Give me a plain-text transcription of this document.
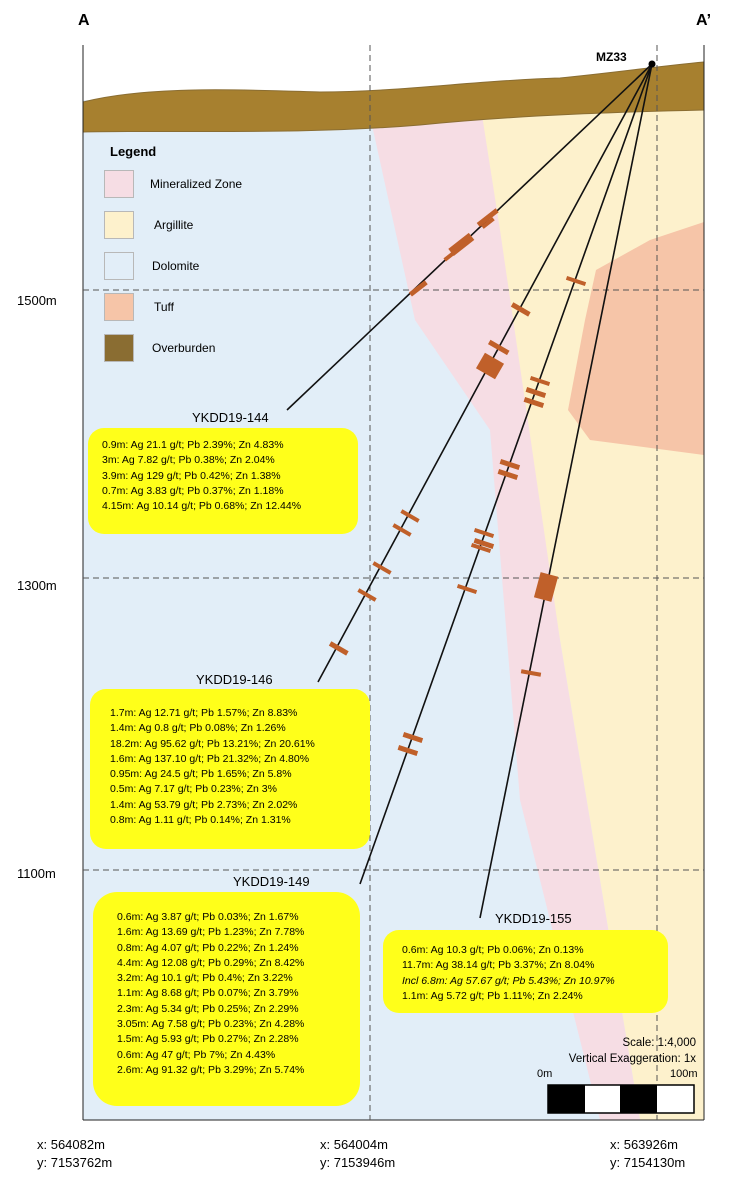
A	A’
MZ33
1500m
1300m
1100m
Legend
Mineralized Zone
Argillite
Dolomite
Tuff
Overburden
YKDD19-144
YKDD19-146
YKDD19-149
YKDD19-155
0.9m: Ag 21.1 g/t; Pb 2.39%; Zn 4.83%
3m: Ag 7.82 g/t; Pb 0.38%; Zn 2.04%
3.9m: Ag 129 g/t; Pb 0.42%; Zn 1.38%
0.7m: Ag 3.83 g/t; Pb 0.37%; Zn 1.18%
4.15m: Ag 10.14 g/t; Pb 0.68%; Zn 12.44%
1.7m: Ag 12.71 g/t; Pb 1.57%; Zn 8.83%
1.4m: Ag 0.8 g/t; Pb 0.08%; Zn 1.26%
18.2m: Ag 95.62 g/t; Pb 13.21%; Zn 20.61%
1.6m: Ag 137.10 g/t; Pb 21.32%; Zn 4.80%
0.95m: Ag 24.5 g/t; Pb 1.65%; Zn 5.8%
0.5m: Ag 7.17 g/t; Pb 0.23%; Zn 3%
1.4m: Ag 53.79 g/t; Pb 2.73%; Zn 2.02%
0.8m: Ag 1.11 g/t; Pb 0.14%; Zn 1.31%
0.6m: Ag 3.87 g/t; Pb 0.03%; Zn 1.67%
1.6m: Ag 13.69 g/t; Pb 1.23%; Zn 7.78%
0.8m: Ag 4.07 g/t; Pb 0.22%; Zn 1.24%
4.4m: Ag 12.08 g/t; Pb 0.29%; Zn 8.42%
3.2m: Ag 10.1 g/t; Pb 0.4%; Zn 3.22%
1.1m: Ag 8.68 g/t; Pb 0.07%; Zn 3.79%
2.3m: Ag 5.34 g/t; Pb 0.25%; Zn 2.29%
3.05m: Ag 7.58 g/t; Pb 0.23%; Zn 4.28%
1.5m: Ag 5.93 g/t; Pb 0.27%; Zn 2.28%
0.6m: Ag 47 g/t; Pb 7%; Zn 4.43%
2.6m: Ag 91.32 g/t; Pb 3.29%; Zn 5.74%
0.6m: Ag 10.3 g/t; Pb 0.06%; Zn 0.13%
11.7m: Ag 38.14 g/t; Pb 3.37%; Zn 8.04%
Incl 6.8m: Ag 57.67 g/t; Pb 5.43%; Zn 10.97%
1.1m: Ag 5.72 g/t; Pb 1.11%; Zn 2.24%
Scale: 1:4,000
Vertical Exaggeration: 1x
0m	100m
x: 564082m
y: 7153762m
x: 564004m
y: 7153946m
x: 563926m
y: 7154130m
